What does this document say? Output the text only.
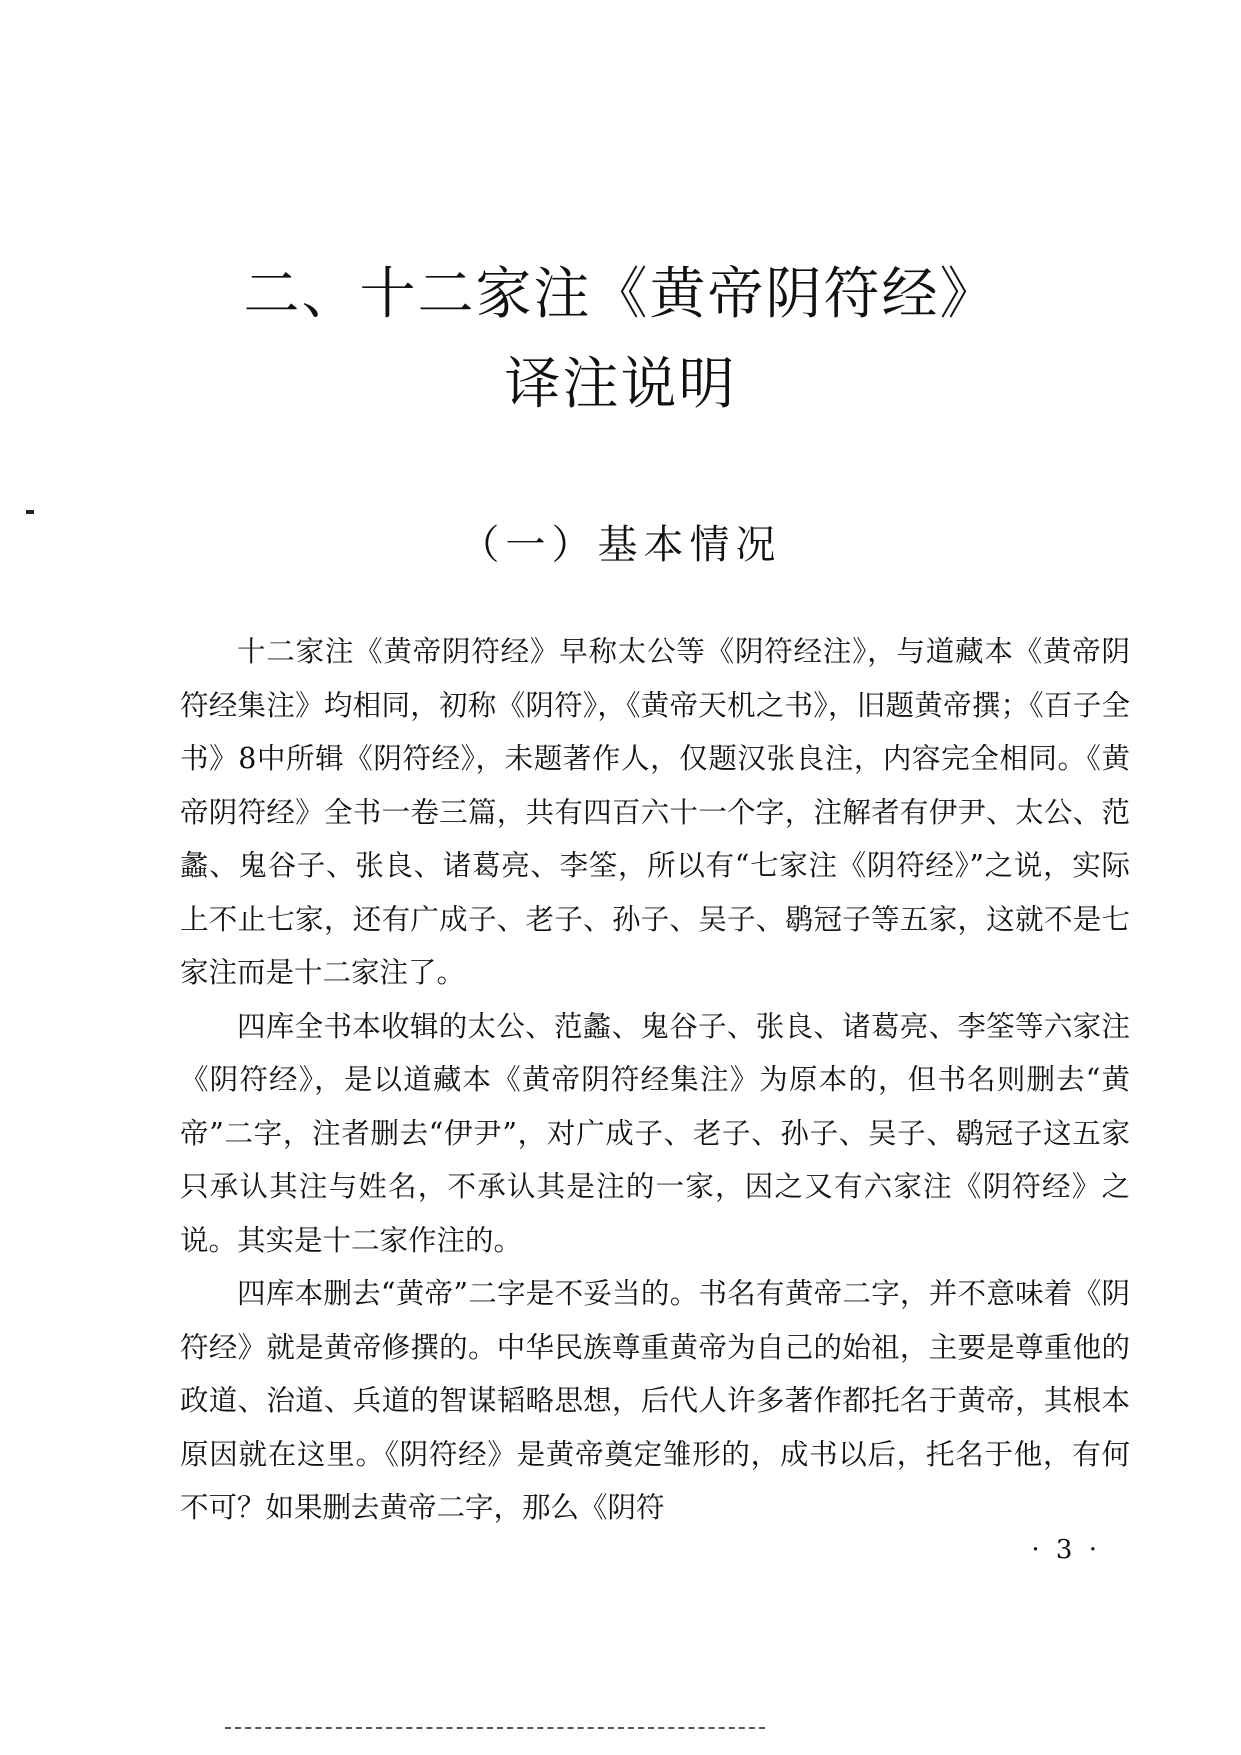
二、十二家注《黄帝阴符经》
译注说明
（一）基本情况

十二家注《黄帝阴符经》早称太公等《阴符经注》，与道藏本《黄帝阴符经集注》均相同，初称《阴符》，《黄帝天机之书》，旧题黄帝撰；《百子全书》8中所辑《阴符经》，未题著作人，仅题汉张良注，内容完全相同。《黄帝阴符经》全书一卷三篇，共有四百六十一个字，注解者有伊尹、太公、范蠡、鬼谷子、张良、诸葛亮、李筌，所以有“七家注《阴符经》”之说，实际上不止七家，还有广成子、老子、孙子、吴子、鹖冠子等五家，这就不是七家注而是十二家注了。

四库全书本收辑的太公、范蠡、鬼谷子、张良、诸葛亮、李筌等六家注《阴符经》，是以道藏本《黄帝阴符经集注》为原本的，但书名则删去“黄帝”二字，注者删去“伊尹”，对广成子、老子、孙子、吴子、鹖冠子这五家只承认其注与姓名，不承认其是注的一家，因之又有六家注《阴符经》之说。其实是十二家作注的。

四库本删去“黄帝”二字是不妥当的。书名有黄帝二字，并不意味着《阴符经》就是黄帝修撰的。中华民族尊重黄帝为自己的始祖，主要是尊重他的政道、治道、兵道的智谋韬略思想，后代人许多著作都托名于黄帝，其根本原因就在这里。《阴符经》是黄帝奠定雏形的，成书以后，托名于他，有何不可？如果删去黄帝二字，那么《阴符

· 3 ·
